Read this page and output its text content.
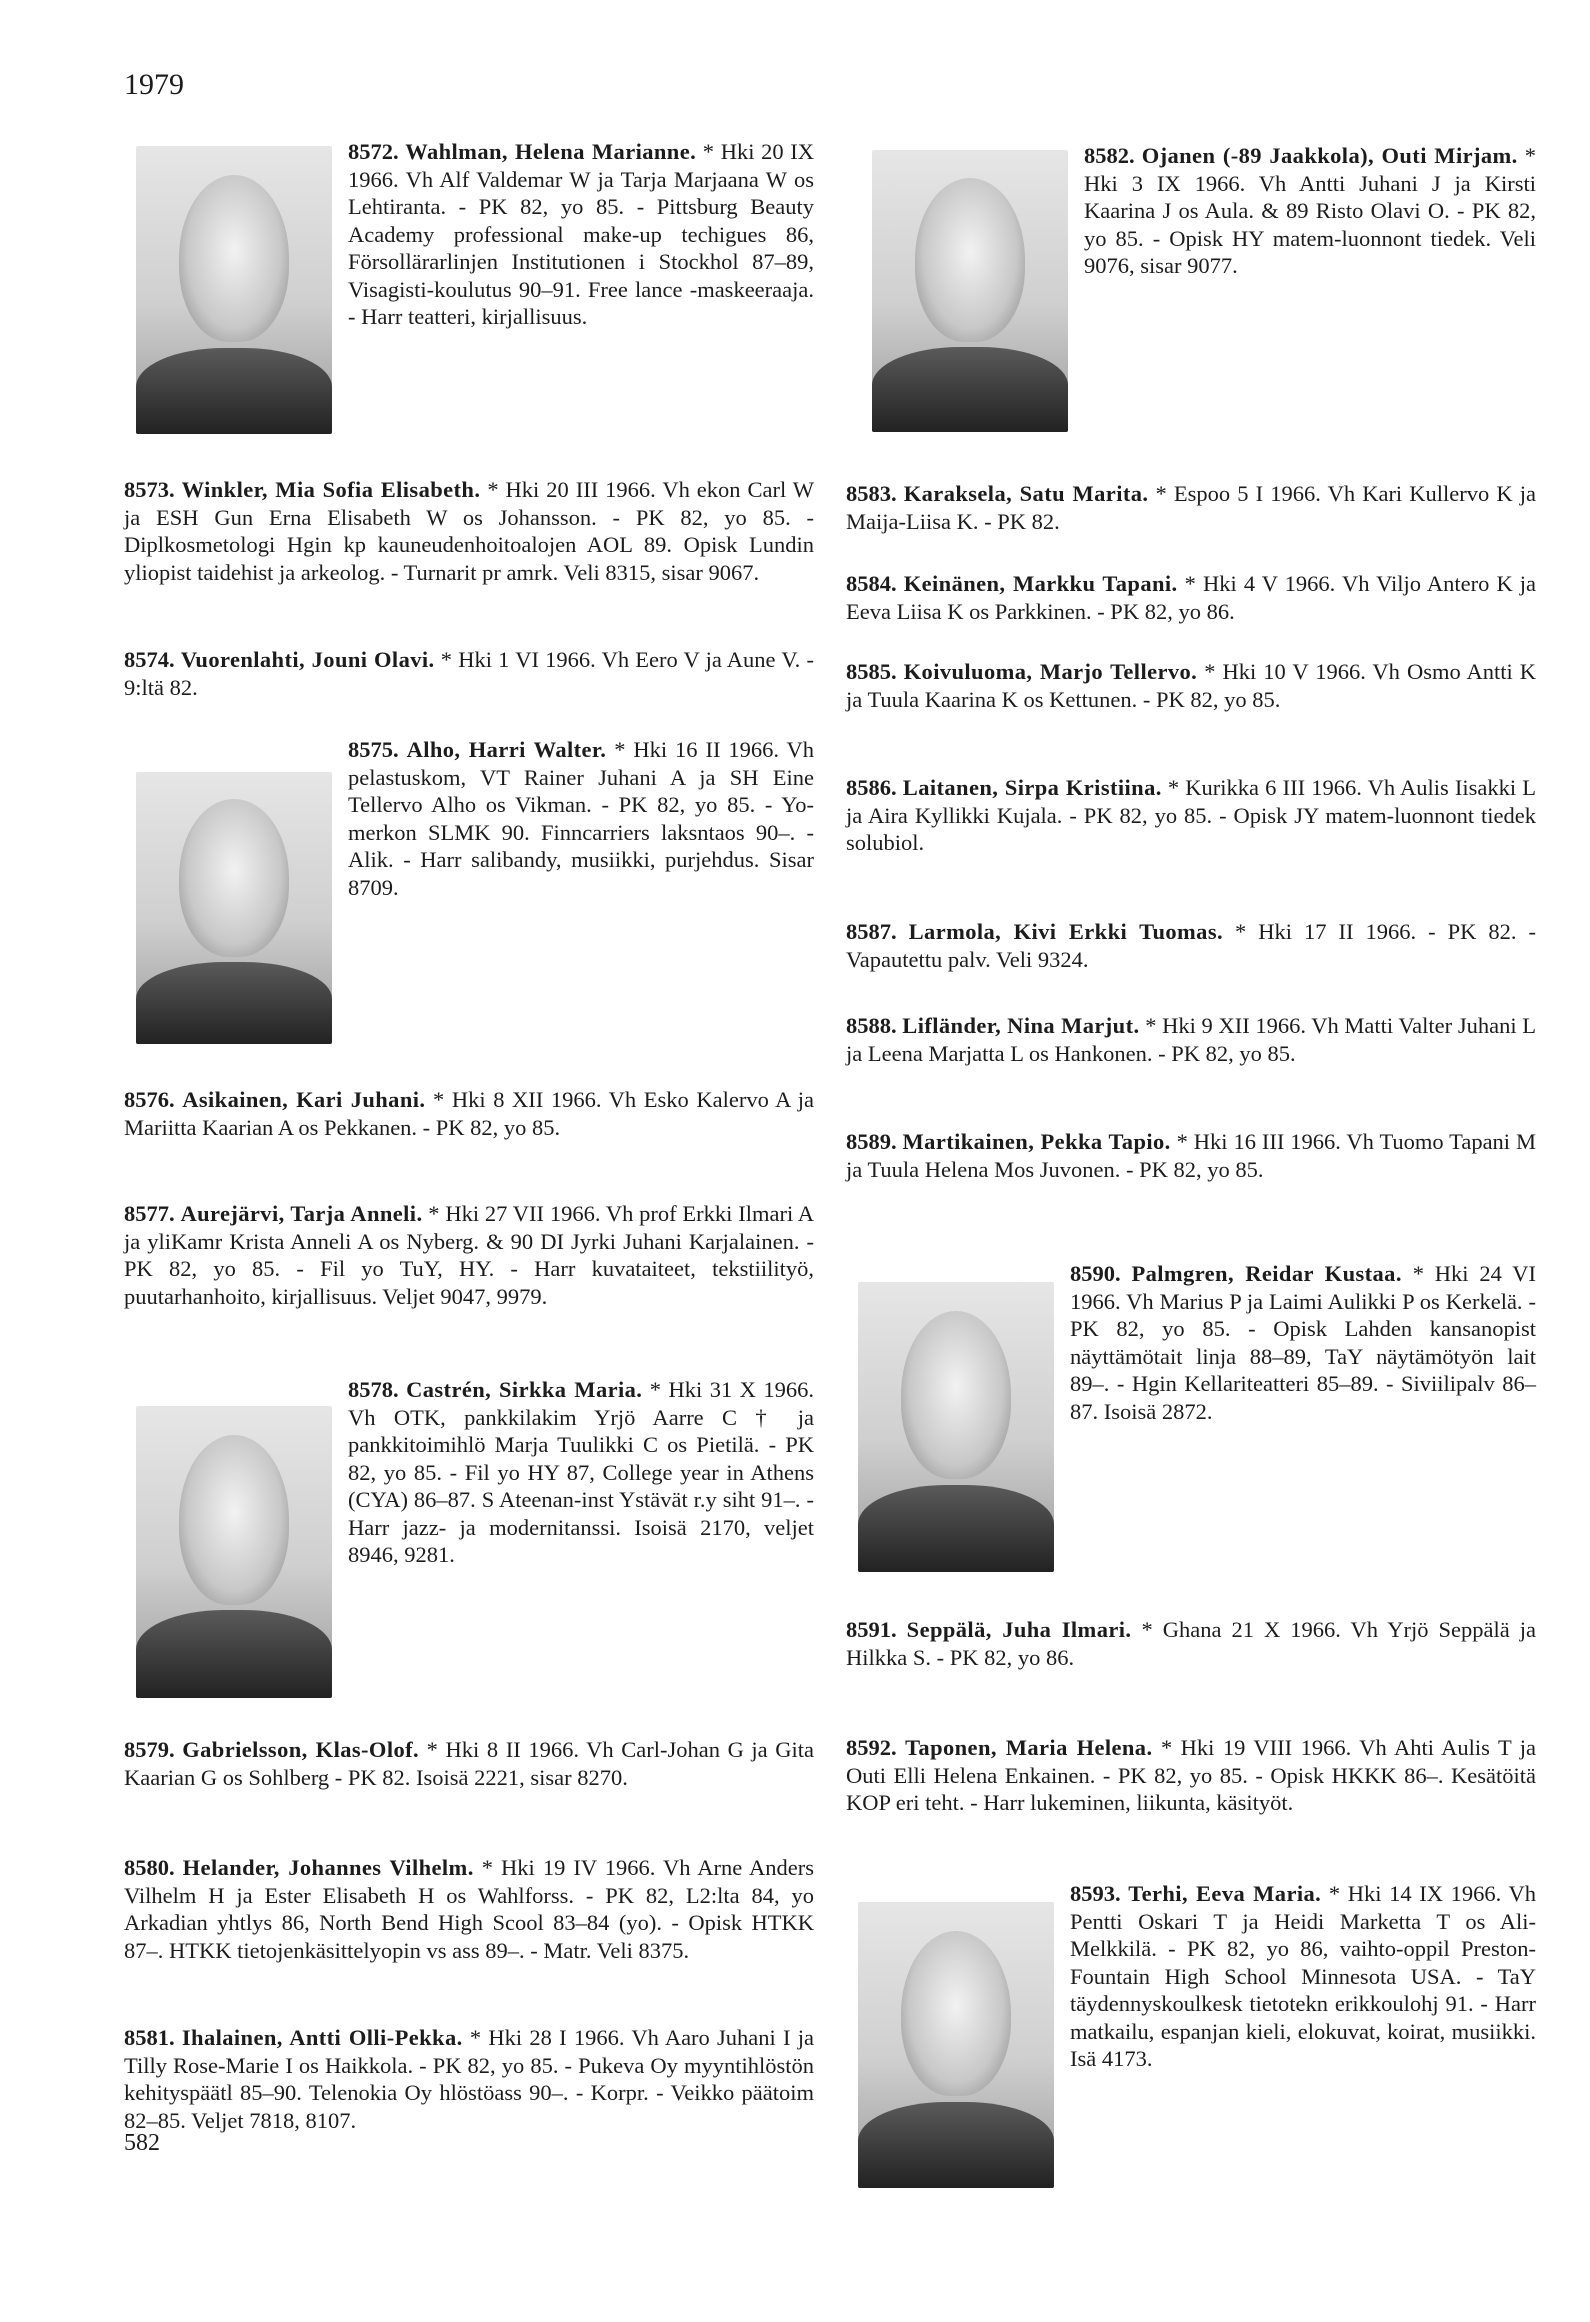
1979
8572. Wahlman, Helena Marianne. * Hki 20 IX 1966. Vh Alf Valdemar W ja Tarja Marjaana W os Lehtiranta. - PK 82, yo 85. - Pittsburg Beauty Academy professional make-up techigues 86, Försollärarlinjen Institutionen i Stockhol 87–89, Visagisti-koulutus 90–91. Free lance -maskeeraaja. - Harr teatteri, kirjallisuus.
8573. Winkler, Mia Sofia Elisabeth. * Hki 20 III 1966. Vh ekon Carl W ja ESH Gun Erna Elisabeth W os Johansson. - PK 82, yo 85. - Diplkosmetologi Hgin kp kauneudenhoitoalojen AOL 89. Opisk Lundin yliopist taidehist ja arkeolog. - Turnarit pr amrk. Veli 8315, sisar 9067.
8574. Vuorenlahti, Jouni Olavi. * Hki 1 VI 1966. Vh Eero V ja Aune V. - 9:ltä 82.
8575. Alho, Harri Walter. * Hki 16 II 1966. Vh pelastuskom, VT Rainer Juhani A ja SH Eine Tellervo Alho os Vikman. - PK 82, yo 85. - Yo-merkon SLMK 90. Finncarriers laksntaos 90–. - Alik. - Harr salibandy, musiikki, purjehdus. Sisar 8709.
8576. Asikainen, Kari Juhani. * Hki 8 XII 1966. Vh Esko Kalervo A ja Mariitta Kaarian A os Pekkanen. - PK 82, yo 85.
8577. Aurejärvi, Tarja Anneli. * Hki 27 VII 1966. Vh prof Erkki Ilmari A ja yliKamr Krista Anneli A os Nyberg. & 90 DI Jyrki Juhani Karjalainen. - PK 82, yo 85. - Fil yo TuY, HY. - Harr kuvataiteet, tekstiilityö, puutarhanhoito, kirjallisuus. Veljet 9047, 9979.
8578. Castrén, Sirkka Maria. * Hki 31 X 1966. Vh OTK, pankkilakim Yrjö Aarre C † ja pankkitoimihlö Marja Tuulikki C os Pietilä. - PK 82, yo 85. - Fil yo HY 87, College year in Athens (CYA) 86–87. S Ateenan-inst Ystävät r.y siht 91–. - Harr jazz- ja modernitanssi. Isoisä 2170, veljet 8946, 9281.
8579. Gabrielsson, Klas-Olof. * Hki 8 II 1966. Vh Carl-Johan G ja Gita Kaarian G os Sohlberg - PK 82. Isoisä 2221, sisar 8270.
8580. Helander, Johannes Vilhelm. * Hki 19 IV 1966. Vh Arne Anders Vilhelm H ja Ester Elisabeth H os Wahlforss. - PK 82, L2:lta 84, yo Arkadian yhtlys 86, North Bend High Scool 83–84 (yo). - Opisk HTKK 87–. HTKK tietojenkäsittelyopin vs ass 89–. - Matr. Veli 8375.
8581. Ihalainen, Antti Olli-Pekka. * Hki 28 I 1966. Vh Aaro Juhani I ja Tilly Rose-Marie I os Haikkola. - PK 82, yo 85. - Pukeva Oy myyntihlöstön kehityspäätl 85–90. Telenokia Oy hlöstöass 90–. - Korpr. - Veikko päätoim 82–85. Veljet 7818, 8107.
8582. Ojanen (-89 Jaakkola), Outi Mirjam. * Hki 3 IX 1966. Vh Antti Juhani J ja Kirsti Kaarina J os Aula. & 89 Risto Olavi O. - PK 82, yo 85. - Opisk HY matem-luonnont tiedek. Veli 9076, sisar 9077.
8583. Karaksela, Satu Marita. * Espoo 5 I 1966. Vh Kari Kullervo K ja Maija-Liisa K. - PK 82.
8584. Keinänen, Markku Tapani. * Hki 4 V 1966. Vh Viljo Antero K ja Eeva Liisa K os Parkkinen. - PK 82, yo 86.
8585. Koivuluoma, Marjo Tellervo. * Hki 10 V 1966. Vh Osmo Antti K ja Tuula Kaarina K os Kettunen. - PK 82, yo 85.
8586. Laitanen, Sirpa Kristiina. * Kurikka 6 III 1966. Vh Aulis Iisakki L ja Aira Kyllikki Kujala. - PK 82, yo 85. - Opisk JY matem-luonnont tiedek solubiol.
8587. Larmola, Kivi Erkki Tuomas. * Hki 17 II 1966. - PK 82. - Vapautettu palv. Veli 9324.
8588. Lifländer, Nina Marjut. * Hki 9 XII 1966. Vh Matti Valter Juhani L ja Leena Marjatta L os Hankonen. - PK 82, yo 85.
8589. Martikainen, Pekka Tapio. * Hki 16 III 1966. Vh Tuomo Tapani M ja Tuula Helena Mos Juvonen. - PK 82, yo 85.
8590. Palmgren, Reidar Kustaa. * Hki 24 VI 1966. Vh Marius P ja Laimi Aulikki P os Kerkelä. - PK 82, yo 85. - Opisk Lahden kansanopist näyttämötait linja 88–89, TaY näytämötyön lait 89–. - Hgin Kellariteatteri 85–89. - Siviilipalv 86–87. Isoisä 2872.
8591. Seppälä, Juha Ilmari. * Ghana 21 X 1966. Vh Yrjö Seppälä ja Hilkka S. - PK 82, yo 86.
8592. Taponen, Maria Helena. * Hki 19 VIII 1966. Vh Ahti Aulis T ja Outi Elli Helena Enkainen. - PK 82, yo 85. - Opisk HKKK 86–. Kesätöitä KOP eri teht. - Harr lukeminen, liikunta, käsityöt.
8593. Terhi, Eeva Maria. * Hki 14 IX 1966. Vh Pentti Oskari T ja Heidi Marketta T os Ali-Melkkilä. - PK 82, yo 86, vaihto-oppil Preston-Fountain High School Minnesota USA. - TaY täydennyskoulkesk tietotekn erikkoulohj 91. - Harr matkailu, espanjan kieli, elokuvat, koirat, musiikki. Isä 4173.
582
